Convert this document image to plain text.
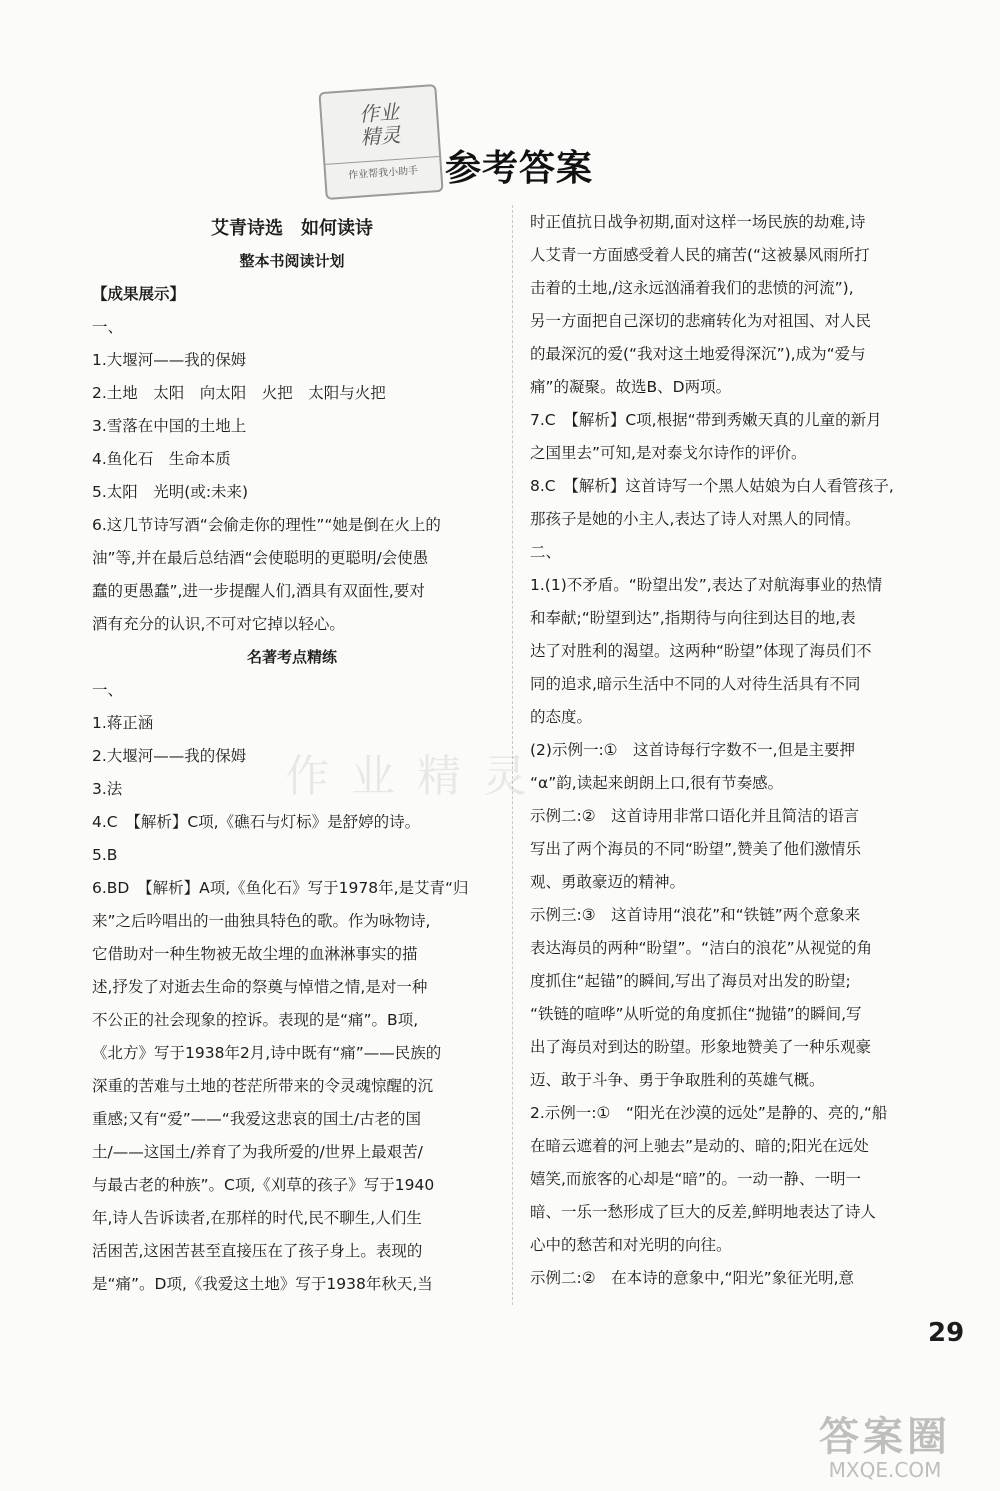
作业
精灵
作业帮我小助手 参考答案

艾青诗选　如何读诗

整本书阅读计划

【成果展示】

一、

1.大堰河——我的保姆

2.土地　太阳　向太阳　火把　太阳与火把

3.雪落在中国的土地上

4.鱼化石　生命本质

5.太阳　光明(或:未来)

6.这几节诗写酒“会偷走你的理性”“她是倒在火上的

油”等,并在最后总结酒“会使聪明的更聪明/会使愚

蠢的更愚蠢”,进一步提醒人们,酒具有双面性,要对

酒有充分的认识,不可对它掉以轻心。

名著考点精练

一、

1.蒋正涵

2.大堰河——我的保姆

3.法

4.C　【解析】C项,《礁石与灯标》是舒婷的诗。

5.B

6.BD　【解析】A项,《鱼化石》写于1978年,是艾青“归

来”之后吟唱出的一曲独具特色的歌。作为咏物诗,

它借助对一种生物被无故尘埋的血淋淋事实的描

述,抒发了对逝去生命的祭奠与悼惜之情,是对一种

不公正的社会现象的控诉。表现的是“痛”。B项,

《北方》写于1938年2月,诗中既有“痛”——民族的

深重的苦难与土地的苍茫所带来的令灵魂惊醒的沉

重感;又有“爱”——“我爱这悲哀的国土/古老的国

土/——这国土/养育了为我所爱的/世界上最艰苦/

与最古老的种族”。C项,《刈草的孩子》写于1940

年,诗人告诉读者,在那样的时代,民不聊生,人们生

活困苦,这困苦甚至直接压在了孩子身上。表现的

是“痛”。D项,《我爱这土地》写于1938年秋天,当

时正值抗日战争初期,面对这样一场民族的劫难,诗

人艾青一方面感受着人民的痛苦(“这被暴风雨所打

击着的土地,/这永远汹涌着我们的悲愤的河流”),

另一方面把自己深切的悲痛转化为对祖国、对人民

的最深沉的爱(“我对这土地爱得深沉”),成为“爱与

痛”的凝聚。故选B、D两项。

7.C　【解析】C项,根据“带到秀嫩天真的儿童的新月

之国里去”可知,是对泰戈尔诗作的评价。

8.C　【解析】这首诗写一个黑人姑娘为白人看管孩子,

那孩子是她的小主人,表达了诗人对黑人的同情。

二、

1.(1)不矛盾。“盼望出发”,表达了对航海事业的热情

和奉献;“盼望到达”,指期待与向往到达目的地,表

达了对胜利的渴望。这两种“盼望”体现了海员们不

同的追求,暗示生活中不同的人对待生活具有不同

的态度。

(2)示例一:①　这首诗每行字数不一,但是主要押

“α”韵,读起来朗朗上口,很有节奏感。

示例二:②　这首诗用非常口语化并且简洁的语言

写出了两个海员的不同“盼望”,赞美了他们激情乐

观、勇敢豪迈的精神。

示例三:③　这首诗用“浪花”和“铁链”两个意象来

表达海员的两种“盼望”。“洁白的浪花”从视觉的角

度抓住“起锚”的瞬间,写出了海员对出发的盼望;

“铁链的喧哗”从听觉的角度抓住“抛锚”的瞬间,写

出了海员对到达的盼望。形象地赞美了一种乐观豪

迈、敢于斗争、勇于争取胜利的英雄气概。

2.示例一:①　“阳光在沙漠的远处”是静的、亮的,“船

在暗云遮着的河上驰去”是动的、暗的;阳光在远处

嬉笑,而旅客的心却是“暗”的。一动一静、一明一

暗、一乐一愁形成了巨大的反差,鲜明地表达了诗人

心中的愁苦和对光明的向往。

示例二:②　在本诗的意象中,“阳光”象征光明,意

作业精灵
29
答案圈
MXQE.COM
